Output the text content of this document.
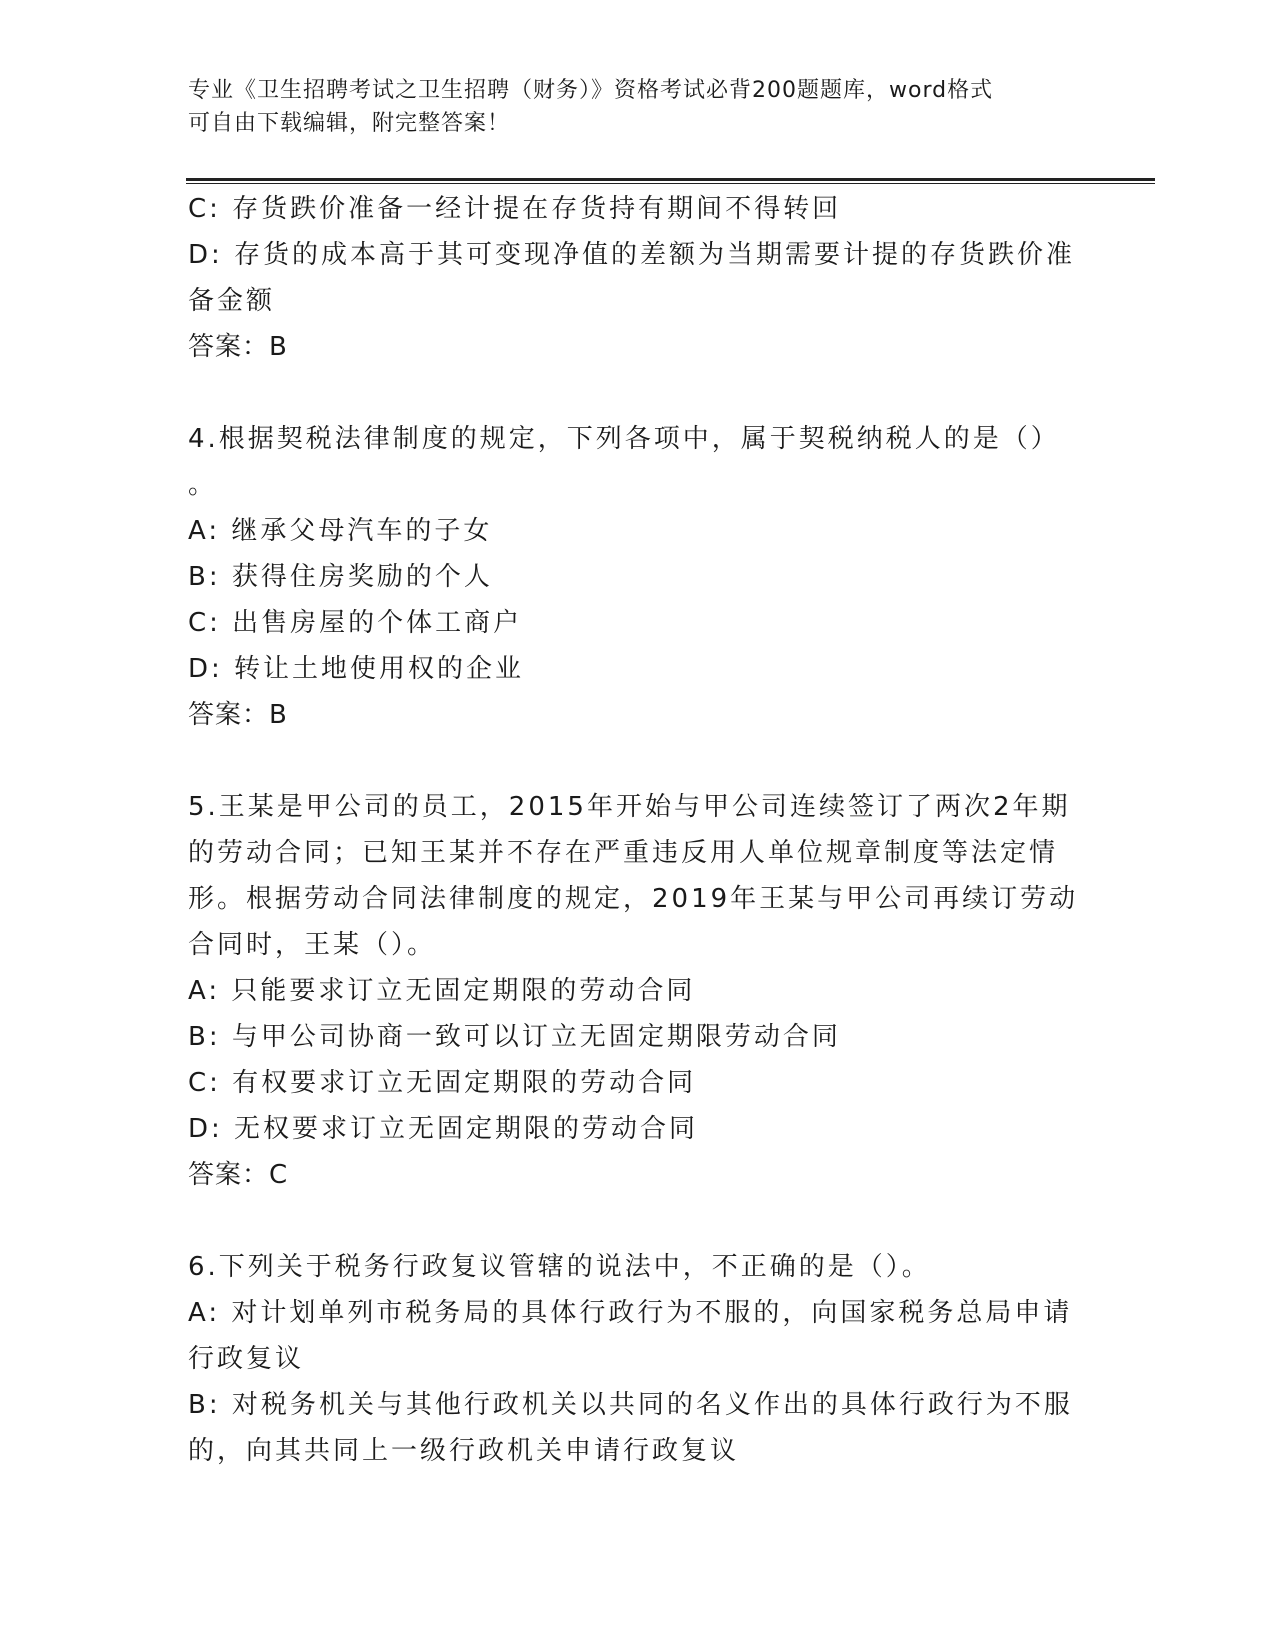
专业《卫生招聘考试之卫生招聘（财务）》资格考试必背200题题库，word格式
可自由下载编辑，附完整答案！
C: 存货跌价准备一经计提在存货持有期间不得转回
D: 存货的成本高于其可变现净值的差额为当期需要计提的存货跌价准
备金额
答案：B
4.根据契税法律制度的规定，下列各项中，属于契税纳税人的是（）
。
A: 继承父母汽车的子女
B: 获得住房奖励的个人
C: 出售房屋的个体工商户
D: 转让土地使用权的企业
答案：B
5.王某是甲公司的员工，2015年开始与甲公司连续签订了两次2年期
的劳动合同；已知王某并不存在严重违反用人单位规章制度等法定情
形。根据劳动合同法律制度的规定，2019年王某与甲公司再续订劳动
合同时，王某（）。
A: 只能要求订立无固定期限的劳动合同
B: 与甲公司协商一致可以订立无固定期限劳动合同
C: 有权要求订立无固定期限的劳动合同
D: 无权要求订立无固定期限的劳动合同
答案：C
6.下列关于税务行政复议管辖的说法中，不正确的是（）。
A: 对计划单列市税务局的具体行政行为不服的，向国家税务总局申请
行政复议
B: 对税务机关与其他行政机关以共同的名义作出的具体行政行为不服
的，向其共同上一级行政机关申请行政复议
